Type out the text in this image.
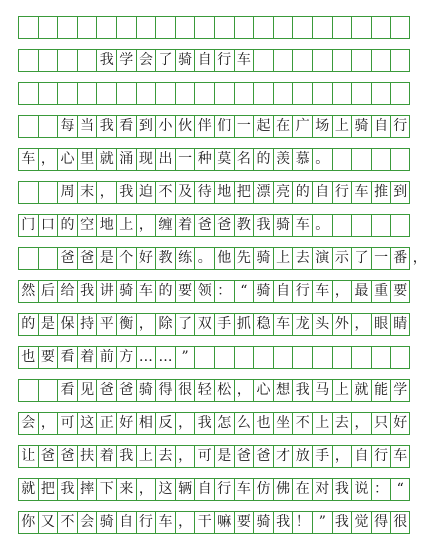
我 学 会 了 骑 自 行 车
每 当 我 看 到 小 伙 伴 们 一 起 在 广 场 上 骑 自 行
车 ， 心 里 就 涌 现 出 一 种 莫 名 的 羡 慕 。
周 末 ， 我 迫 不 及 待 地 把 漂 亮 的 自 行 车 推 到
门 口 的 空 地 上 ， 缠 着 爸 爸 教 我 骑 车 。
爸 爸 是 个 好 教 练 。 他 先 骑 上 去 演 示 了 一 番 ，
然 后 给 我 讲 骑 车 的 要 领 ： “ 骑 自 行 车 ， 最 重 要
的 是 保 持 平 衡 ， 除 了 双 手 抓 稳 车 龙 头 外 ， 眼 睛
也 要 看 着 前 方 … … ”
看 见 爸 爸 骑 得 很 轻 松 ， 心 想 我 马 上 就 能 学
会 ， 可 这 正 好 相 反 ， 我 怎 么 也 坐 不 上 去 ， 只 好
让 爸 爸 扶 着 我 上 去 ， 可 是 爸 爸 才 放 手 ， 自 行 车
就 把 我 摔 下 来 ， 这 辆 自 行 车 仿 佛 在 对 我 说 ： “
你 又 不 会 骑 自 行 车 ， 干 嘛 要 骑 我 ！ ” 我 觉 得 很
